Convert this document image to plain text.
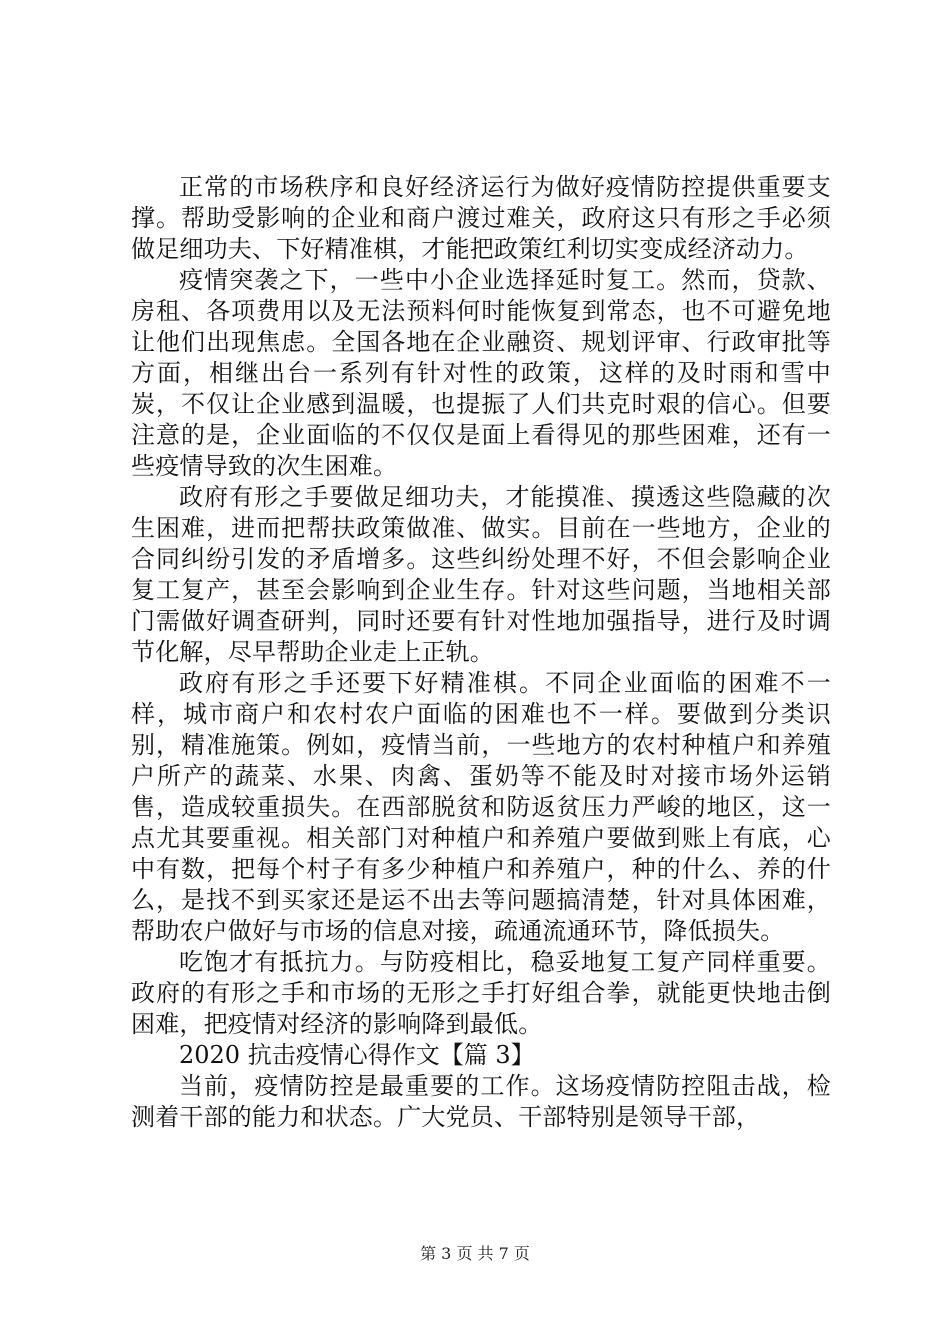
正常的市场秩序和良好经济运行为做好疫情防控提供重要支撑。帮助受影响的企业和商户渡过难关，政府这只有形之手必须做足细功夫、下好精准棋，才能把政策红利切实变成经济动力。

疫情突袭之下，一些中小企业选择延时复工。然而，贷款、房租、各项费用以及无法预料何时能恢复到常态，也不可避免地让他们出现焦虑。全国各地在企业融资、规划评审、行政审批等方面，相继出台一系列有针对性的政策，这样的及时雨和雪中炭，不仅让企业感到温暖，也提振了人们共克时艰的信心。但要注意的是，企业面临的不仅仅是面上看得见的那些困难，还有一些疫情导致的次生困难。

政府有形之手要做足细功夫，才能摸准、摸透这些隐藏的次生困难，进而把帮扶政策做准、做实。目前在一些地方，企业的合同纠纷引发的矛盾增多。这些纠纷处理不好，不但会影响企业复工复产，甚至会影响到企业生存。针对这些问题，当地相关部门需做好调查研判，同时还要有针对性地加强指导，进行及时调节化解，尽早帮助企业走上正轨。

政府有形之手还要下好精准棋。不同企业面临的困难不一样，城市商户和农村农户面临的困难也不一样。要做到分类识别，精准施策。例如，疫情当前，一些地方的农村种植户和养殖户所产的蔬菜、水果、肉禽、蛋奶等不能及时对接市场外运销售，造成较重损失。在西部脱贫和防返贫压力严峻的地区，这一点尤其要重视。相关部门对种植户和养殖户要做到账上有底，心中有数，把每个村子有多少种植户和养殖户，种的什么、养的什么，是找不到买家还是运不出去等问题搞清楚，针对具体困难，帮助农户做好与市场的信息对接，疏通流通环节，降低损失。

吃饱才有抵抗力。与防疫相比，稳妥地复工复产同样重要。政府的有形之手和市场的无形之手打好组合拳，就能更快地击倒困难，把疫情对经济的影响降到最低。

2020 抗击疫情心得作文【篇 3】

当前，疫情防控是最重要的工作。这场疫情防控阻击战，检测着干部的能力和状态。广大党员、干部特别是领导干部，

第 3 页 共 7 页
